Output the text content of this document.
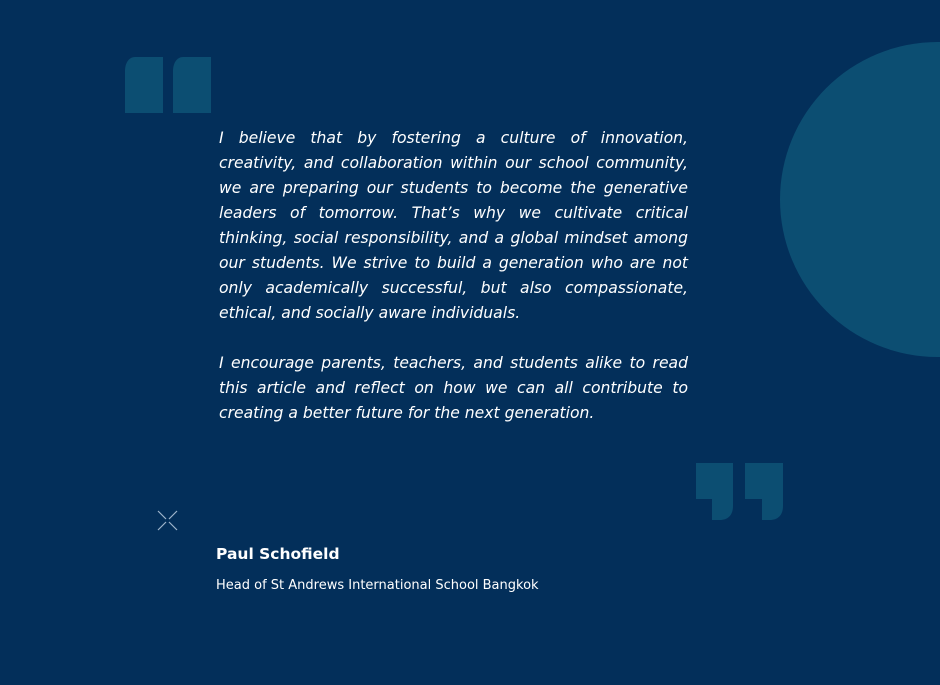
I believe that by fostering a culture of innovation, creativity, and collaboration within our school community, we are preparing our students to become the generative leaders of tomorrow. That’s why we cultivate critical thinking, social responsibility, and a global mindset among our students. We strive to build a generation who are not only academically successful, but also compassionate, ethical, and socially aware individuals.

I encourage parents, teachers, and students alike to read this article and reflect on how we can all contribute to creating a better future for the next generation.

Paul Schofield

Head of St Andrews International School Bangkok
